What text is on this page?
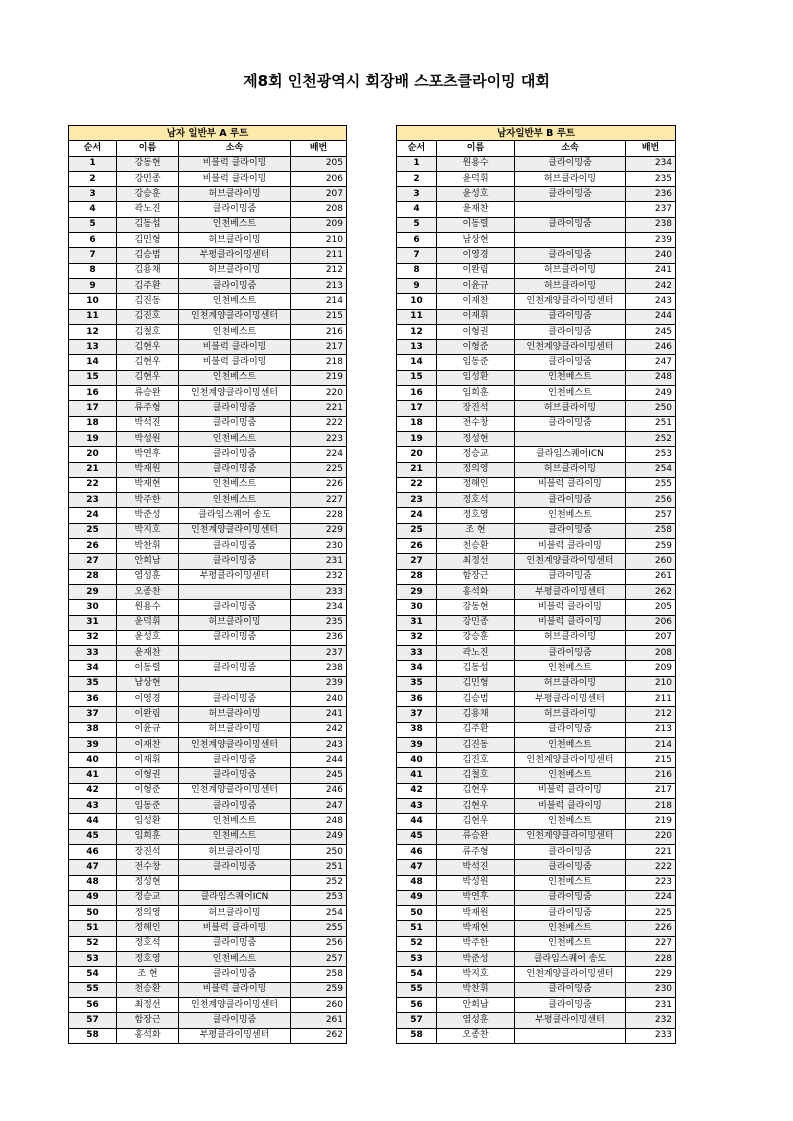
제8회 인천광역시 회장배 스포츠클라이밍 대회
남자 일반부 A 루트			
순서	이름	소속	배번
1	강동현	비블럭 클라이밍	205
2	강민종	비블럭 클라이밍	206
3	강승훈	허브클라이밍	207
4	곽노진	클라이밍줌	208
5	김동섭	인천베스트	209
6	김민형	허브클라이밍	210
7	김승범	부평클라이밍센터	211
8	김용채	허브클라이밍	212
9	김주환	클라이밍줌	213
10	김진동	인천베스트	214
11	김진호	인천계양클라이밍센터	215
12	김철호	인천베스트	216
13	김현우	비블럭 클라이밍	217
14	김현우	비블럭 클라이밍	218
15	김현우	인천베스트	219
16	류승완	인천계양클라이밍센터	220
17	류주형	클라이밍줌	221
18	박석진	클라이밍줌	222
19	박성원	인천베스트	223
20	박연후	클라이밍줌	224
21	박재원	클라이밍줌	225
22	박재현	인천베스트	226
23	박주한	인천베스트	227
24	박준성	클라임스퀘어 송도	228
25	박지호	인천계양클라이밍센터	229
26	박찬휘	클라이밍줌	230
27	안희남	클라이밍줌	231
28	염성훈	부평클라이밍센터	232
29	오종찬		233
30	원용수	클라이밍줌	234
31	윤덕휘	허브클라이밍	235
32	윤성호	클라이밍줌	236
33	윤재찬		237
34	이동렬	클라이밍줌	238
35	남상현		239
36	이영경	클라이밍줌	240
37	이완림	허브클라이밍	241
38	이윤규	허브클라이밍	242
39	이재찬	인천계양클라이밍센터	243
40	이재휘	클라이밍줌	244
41	이형권	클라이밍줌	245
42	이형준	인천계양클라이밍센터	246
43	임동준	클라이밍줌	247
44	임성환	인천베스트	248
45	임희훈	인천베스트	249
46	장진석	허브클라이밍	250
47	전수창	클라이밍줌	251
48	정성현		252
49	정승교	클라임스퀘어ICN	253
50	정의영	허브클라이밍	254
51	정해인	비블럭 클라이밍	255
52	정호석	클라이밍줌	256
53	정호영	인천베스트	257
54	조 현	클라이밍줌	258
55	천승환	비블럭 클라이밍	259
56	최정선	인천계양클라이밍센터	260
57	함장근	클라이밍줌	261
58	홍석화	부평클라이밍센터	262
남자일반부 B 루트			
순서	이름	소속	배번
1	원용수	클라이밍줌	234
2	윤덕휘	허브클라이밍	235
3	윤성호	클라이밍줌	236
4	윤재찬		237
5	이동렬	클라이밍줌	238
6	남상현		239
7	이영경	클라이밍줌	240
8	이완림	허브클라이밍	241
9	이윤규	허브클라이밍	242
10	이재찬	인천계양클라이밍센터	243
11	이재휘	클라이밍줌	244
12	이형권	클라이밍줌	245
13	이형준	인천계양클라이밍센터	246
14	임동준	클라이밍줌	247
15	임성환	인천베스트	248
16	임희훈	인천베스트	249
17	장진석	허브클라이밍	250
18	전수창	클라이밍줌	251
19	정성현		252
20	정승교	클라임스퀘어ICN	253
21	정의영	허브클라이밍	254
22	정해인	비블럭 클라이밍	255
23	정호석	클라이밍줌	256
24	정호영	인천베스트	257
25	조 현	클라이밍줌	258
26	천승환	비블럭 클라이밍	259
27	최정선	인천계양클라이밍센터	260
28	함장근	클라이밍줌	261
29	홍석화	부평클라이밍센터	262
30	강동현	비블럭 클라이밍	205
31	강민종	비블럭 클라이밍	206
32	강승훈	허브클라이밍	207
33	곽노진	클라이밍줌	208
34	김동섭	인천베스트	209
35	김민형	허브클라이밍	210
36	김승범	부평클라이밍센터	211
37	김용채	허브클라이밍	212
38	김주환	클라이밍줌	213
39	김진동	인천베스트	214
40	김진호	인천계양클라이밍센터	215
41	김철호	인천베스트	216
42	김현우	비블럭 클라이밍	217
43	김현우	비블럭 클라이밍	218
44	김현우	인천베스트	219
45	류승완	인천계양클라이밍센터	220
46	류주형	클라이밍줌	221
47	박석진	클라이밍줌	222
48	박성원	인천베스트	223
49	박연후	클라이밍줌	224
50	박재원	클라이밍줌	225
51	박재현	인천베스트	226
52	박주한	인천베스트	227
53	박준성	클라임스퀘어 송도	228
54	박지호	인천계양클라이밍센터	229
55	박찬휘	클라이밍줌	230
56	안희남	클라이밍줌	231
57	염성훈	부평클라이밍센터	232
58	오종찬		233
